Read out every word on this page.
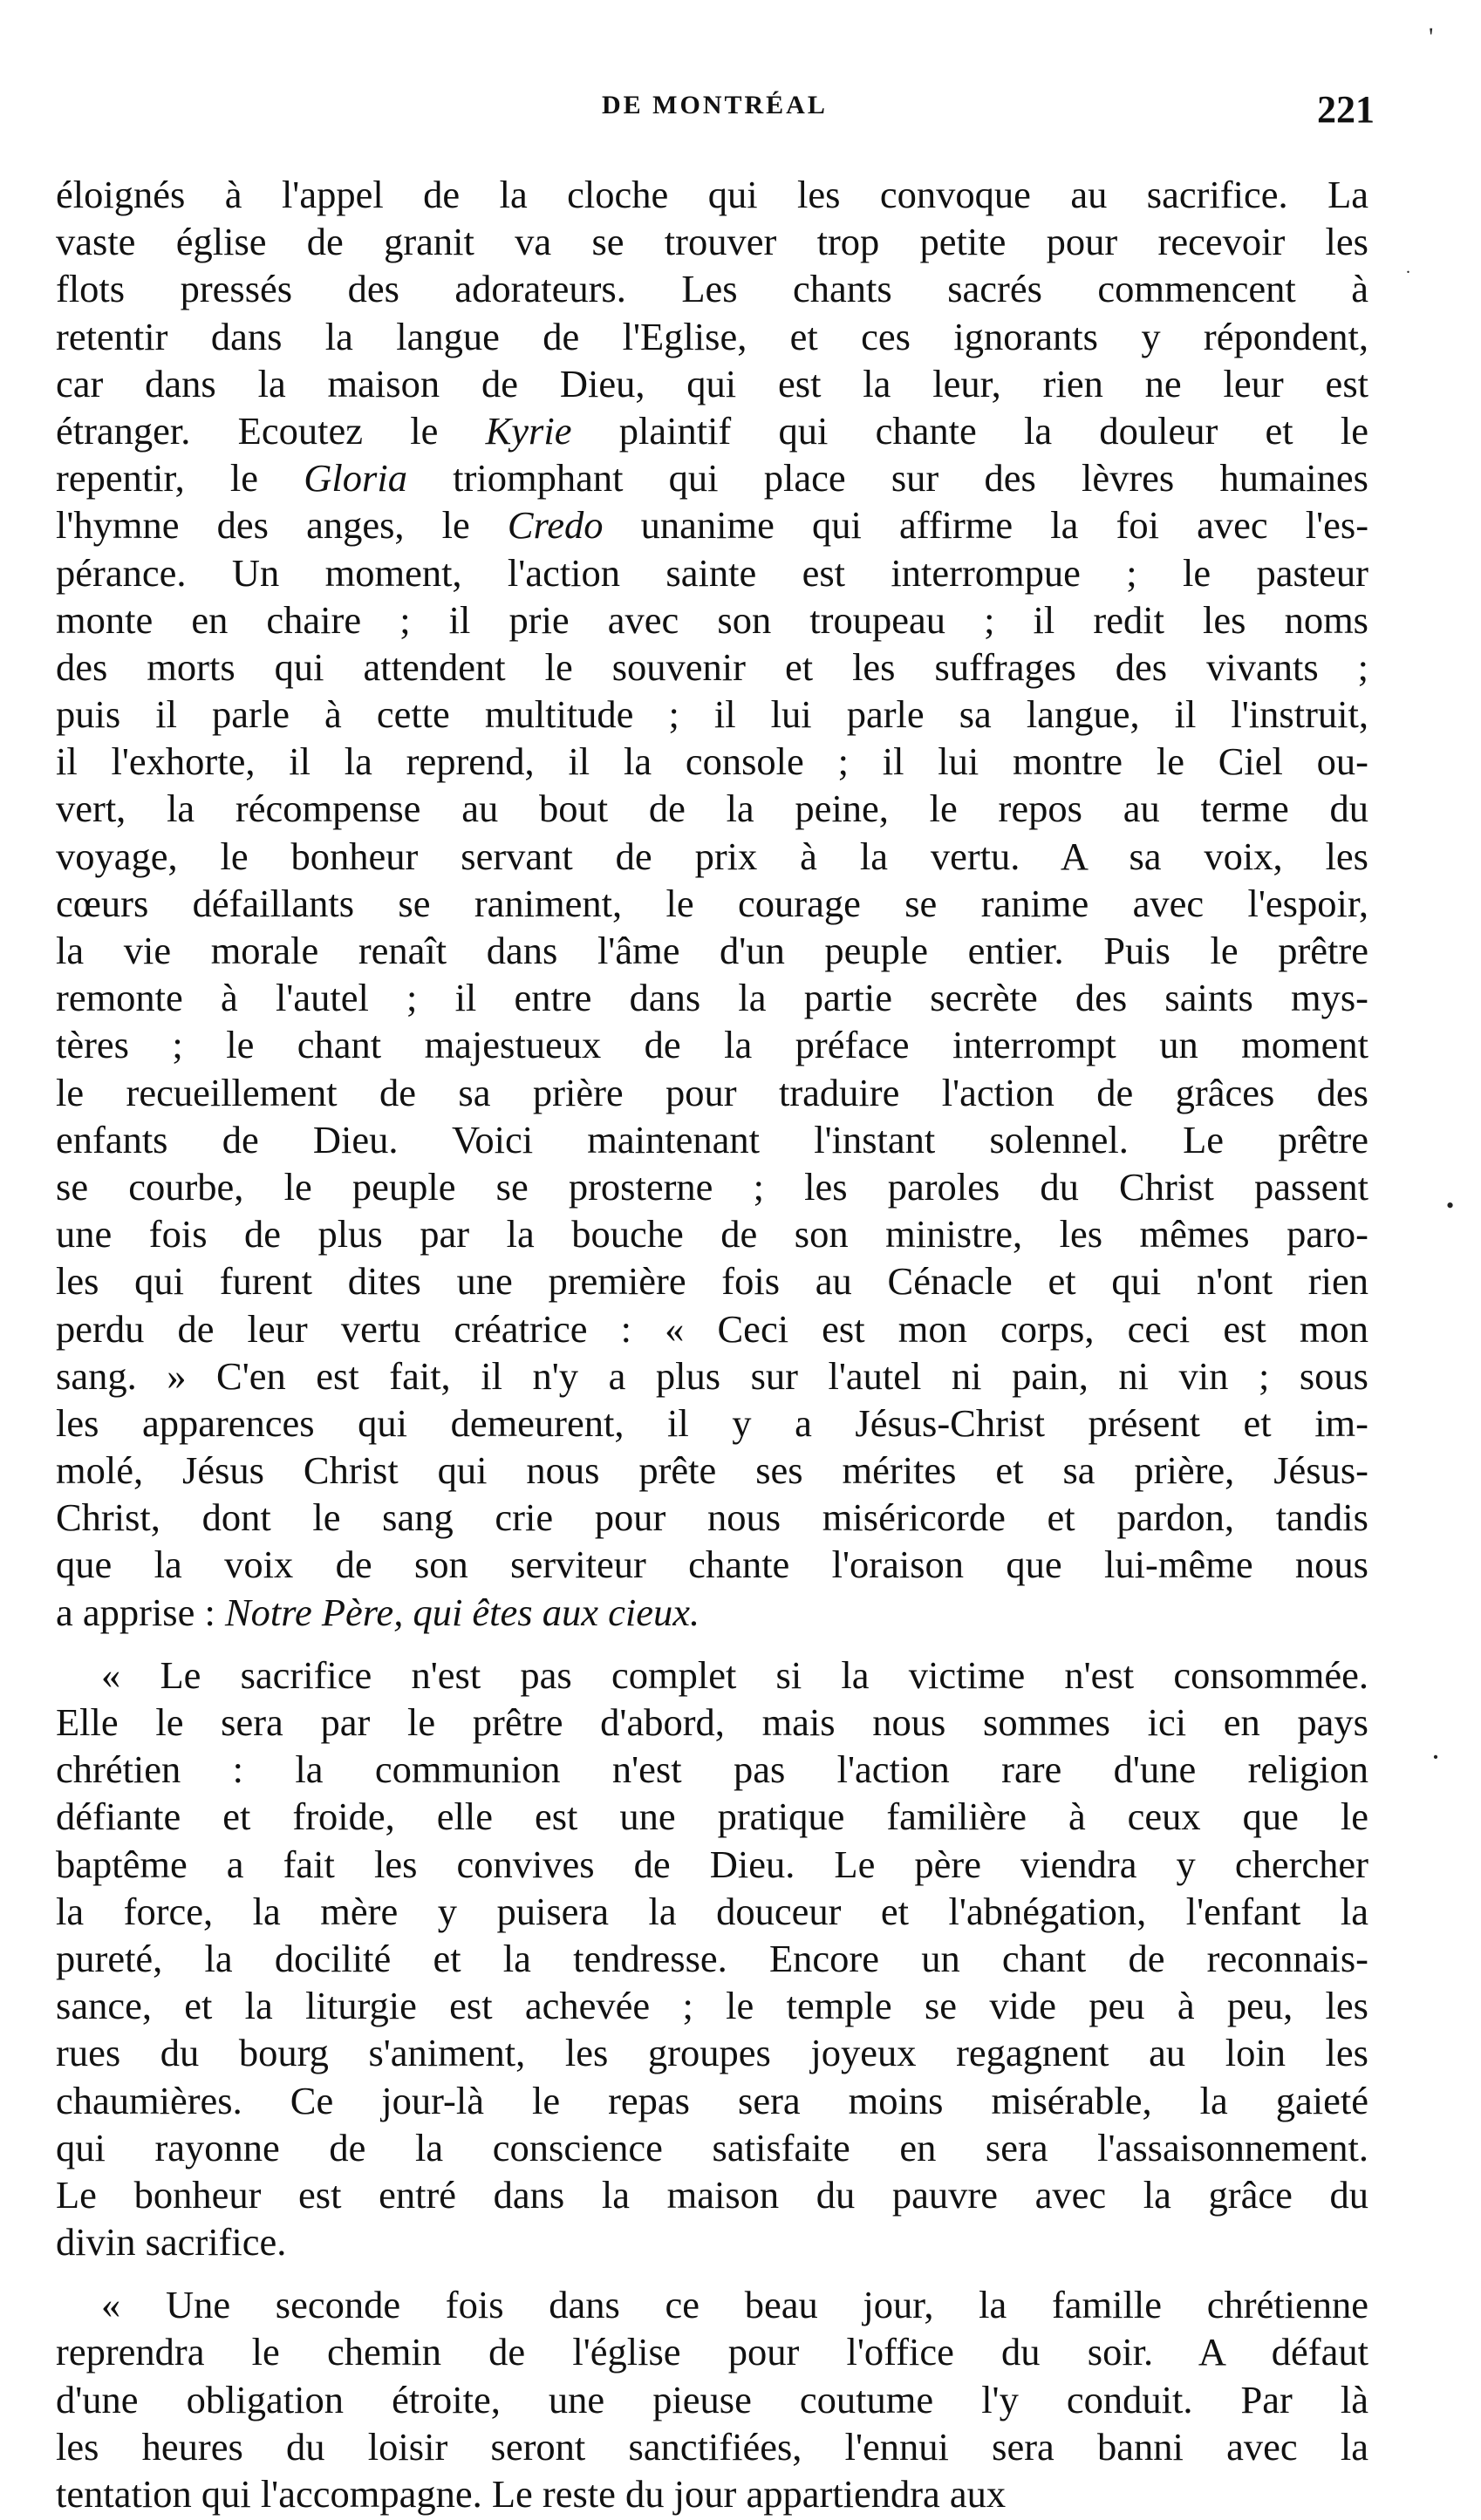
'
.
•
·
DE MONTRÉAL	221
éloignés à l'appel de la cloche qui les convoque au sacrifice. La
vaste église de granit va se trouver trop petite pour recevoir les
flots pressés des adorateurs. Les chants sacrés commencent à
retentir dans la langue de l'Eglise, et ces ignorants y répondent,
car dans la maison de Dieu, qui est la leur, rien ne leur est
étranger. Ecoutez le Kyrie plaintif qui chante la douleur et le
repentir, le Gloria triomphant qui place sur des lèvres humaines
l'hymne des anges, le Credo unanime qui affirme la foi avec l'es-
pérance. Un moment, l'action sainte est interrompue ; le pasteur
monte en chaire ; il prie avec son troupeau ; il redit les noms
des morts qui attendent le souvenir et les suffrages des vivants ;
puis il parle à cette multitude ; il lui parle sa langue, il l'instruit,
il l'exhorte, il la reprend, il la console ; il lui montre le Ciel ou-
vert, la récompense au bout de la peine, le repos au terme du
voyage, le bonheur servant de prix à la vertu. A sa voix, les
cœurs défaillants se raniment, le courage se ranime avec l'espoir,
la vie morale renaît dans l'âme d'un peuple entier. Puis le prêtre
remonte à l'autel ; il entre dans la partie secrète des saints mys-
tères ; le chant majestueux de la préface interrompt un moment
le recueillement de sa prière pour traduire l'action de grâces des
enfants de Dieu. Voici maintenant l'instant solennel. Le prêtre
se courbe, le peuple se prosterne ; les paroles du Christ passent
une fois de plus par la bouche de son ministre, les mêmes paro-
les qui furent dites une première fois au Cénacle et qui n'ont rien
perdu de leur vertu créatrice : « Ceci est mon corps, ceci est mon
sang. » C'en est fait, il n'y a plus sur l'autel ni pain, ni vin ; sous
les apparences qui demeurent, il y a Jésus-Christ présent et im-
molé, Jésus Christ qui nous prête ses mérites et sa prière, Jésus-
Christ, dont le sang crie pour nous miséricorde et pardon, tandis
que la voix de son serviteur chante l'oraison que lui-même nous
a apprise : Notre Père, qui êtes aux cieux.
« Le sacrifice n'est pas complet si la victime n'est consommée.
Elle le sera par le prêtre d'abord, mais nous sommes ici en pays
chrétien : la communion n'est pas l'action rare d'une religion
défiante et froide, elle est une pratique familière à ceux que le
baptême a fait les convives de Dieu. Le père viendra y chercher
la force, la mère y puisera la douceur et l'abnégation, l'enfant la
pureté, la docilité et la tendresse. Encore un chant de reconnais-
sance, et la liturgie est achevée ; le temple se vide peu à peu, les
rues du bourg s'animent, les groupes joyeux regagnent au loin les
chaumières. Ce jour-là le repas sera moins misérable, la gaieté
qui rayonne de la conscience satisfaite en sera l'assaisonnement.
Le bonheur est entré dans la maison du pauvre avec la grâce du
divin sacrifice.
« Une seconde fois dans ce beau jour, la famille chrétienne
reprendra le chemin de l'église pour l'office du soir. A défaut
d'une obligation étroite, une pieuse coutume l'y conduit. Par là
les heures du loisir seront sanctifiées, l'ennui sera banni avec la
tentation qui l'accompagne. Le reste du jour appartiendra aux
